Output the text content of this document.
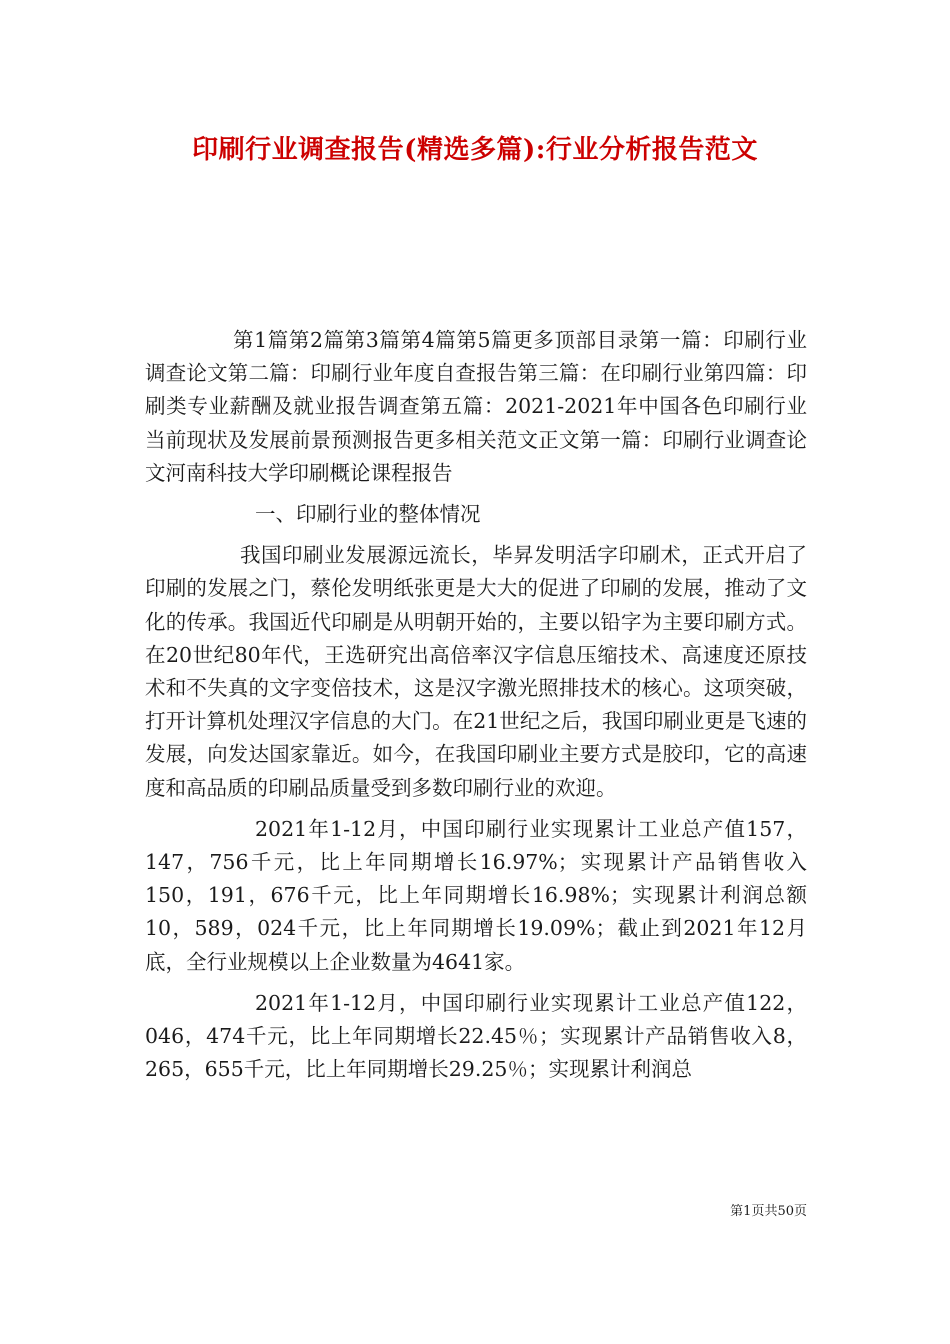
印刷行业调查报告(精选多篇):行业分析报告范文

第1篇第2篇第3篇第4篇第5篇更多顶部目录第一篇：印刷行业调查论文第二篇：印刷行业年度自查报告第三篇：在印刷行业第四篇：印刷类专业薪酬及就业报告调查第五篇：2021-2021年中国各色印刷行业当前现状及发展前景预测报告更多相关范文正文第一篇：印刷行业调查论文河南科技大学印刷概论课程报告

一、印刷行业的整体情况

我国印刷业发展源远流长，毕昇发明活字印刷术，正式开启了印刷的发展之门，蔡伦发明纸张更是大大的促进了印刷的发展，推动了文化的传承。我国近代印刷是从明朝开始的，主要以铅字为主要印刷方式。在20世纪80年代，王选研究出高倍率汉字信息压缩技术、高速度还原技术和不失真的文字变倍技术，这是汉字激光照排技术的核心。这项突破，打开计算机处理汉字信息的大门。在21世纪之后，我国印刷业更是飞速的发展，向发达国家靠近。如今，在我国印刷业主要方式是胶印，它的高速度和高品质的印刷品质量受到多数印刷行业的欢迎。

2021年1-12月，中国印刷行业实现累计工业总产值157，147，756千元，比上年同期增长16.97%；实现累计产品销售收入150，191，676千元，比上年同期增长16.98%；实现累计利润总额10，589，024千元，比上年同期增长19.09%；截止到2021年12月底，全行业规模以上企业数量为4641家。

2021年1-12月，中国印刷行业实现累计工业总产值122，046，474千元，比上年同期增长22.45％；实现累计产品销售收入8，265，655千元，比上年同期增长29.25％；实现累计利润总

第1页共50页
